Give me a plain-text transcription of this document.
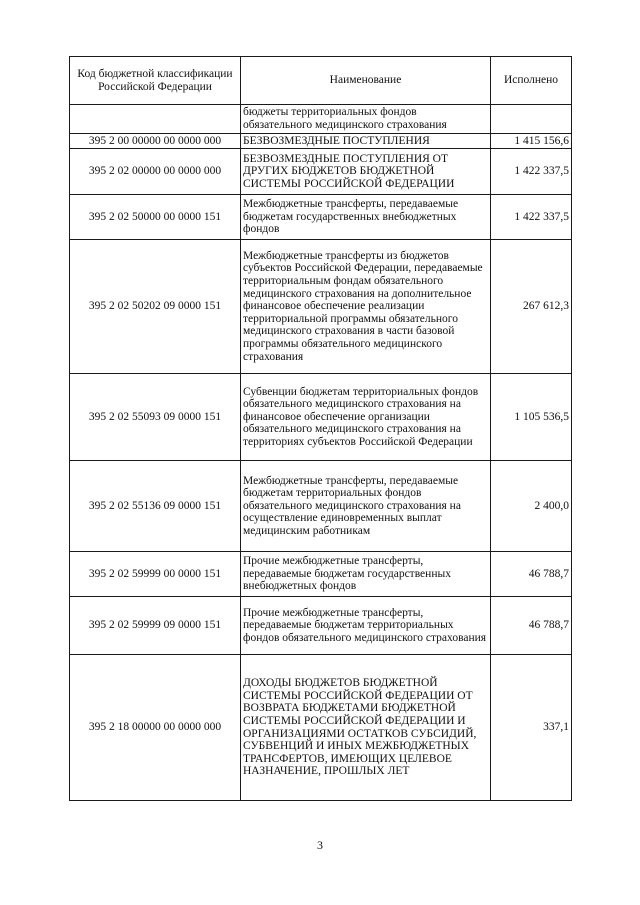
Код бюджетной классификации Российской Федерации	Наименование	Исполнено
	бюджеты территориальных фондов обязательного медицинского страхования	
395 2 00 00000 00 0000 000	БЕЗВОЗМЕЗДНЫЕ ПОСТУПЛЕНИЯ	1 415 156,6
395 2 02 00000 00 0000 000	БЕЗВОЗМЕЗДНЫЕ ПОСТУПЛЕНИЯ ОТ ДРУГИХ БЮДЖЕТОВ БЮДЖЕТНОЙ СИСТЕМЫ РОССИЙСКОЙ ФЕДЕРАЦИИ	1 422 337,5
395 2 02 50000 00 0000 151	Межбюджетные трансферты, передаваемые бюджетам государственных внебюджетных фондов	1 422 337,5
395 2 02 50202 09 0000 151	Межбюджетные трансферты из бюджетов субъектов Российской Федерации, передаваемые территориальным фондам обязательного медицинского страхования на дополнительное финансовое обеспечение реализации территориальной программы обязательного медицинского страхования в части базовой программы обязательного медицинского страхования	267 612,3
395 2 02 55093 09 0000 151	Субвенции бюджетам территориальных фондов обязательного медицинского страхования на финансовое обеспечение организации обязательного медицинского страхования на территориях субъектов Российской Федерации	1 105 536,5
395 2 02 55136 09 0000 151	Межбюджетные трансферты, передаваемые бюджетам территориальных фондов обязательного медицинского страхования на осуществление единовременных выплат медицинским работникам	2 400,0
395 2 02 59999 00 0000 151	Прочие межбюджетные трансферты, передаваемые бюджетам государственных внебюджетных фондов	46 788,7
395 2 02 59999 09 0000 151	Прочие межбюджетные трансферты, передаваемые бюджетам территориальных фондов обязательного медицинского страхования	46 788,7
395 2 18 00000 00 0000 000	ДОХОДЫ БЮДЖЕТОВ БЮДЖЕТНОЙ СИСТЕМЫ РОССИЙСКОЙ ФЕДЕРАЦИИ ОТ ВОЗВРАТА БЮДЖЕТАМИ БЮДЖЕТНОЙ СИСТЕМЫ РОССИЙСКОЙ ФЕДЕРАЦИИ И ОРГАНИЗАЦИЯМИ ОСТАТКОВ СУБСИДИЙ, СУБВЕНЦИЙ И ИНЫХ МЕЖБЮДЖЕТНЫХ ТРАНСФЕРТОВ, ИМЕЮЩИХ ЦЕЛЕВОЕ НАЗНАЧЕНИЕ, ПРОШЛЫХ ЛЕТ	337,1
3
